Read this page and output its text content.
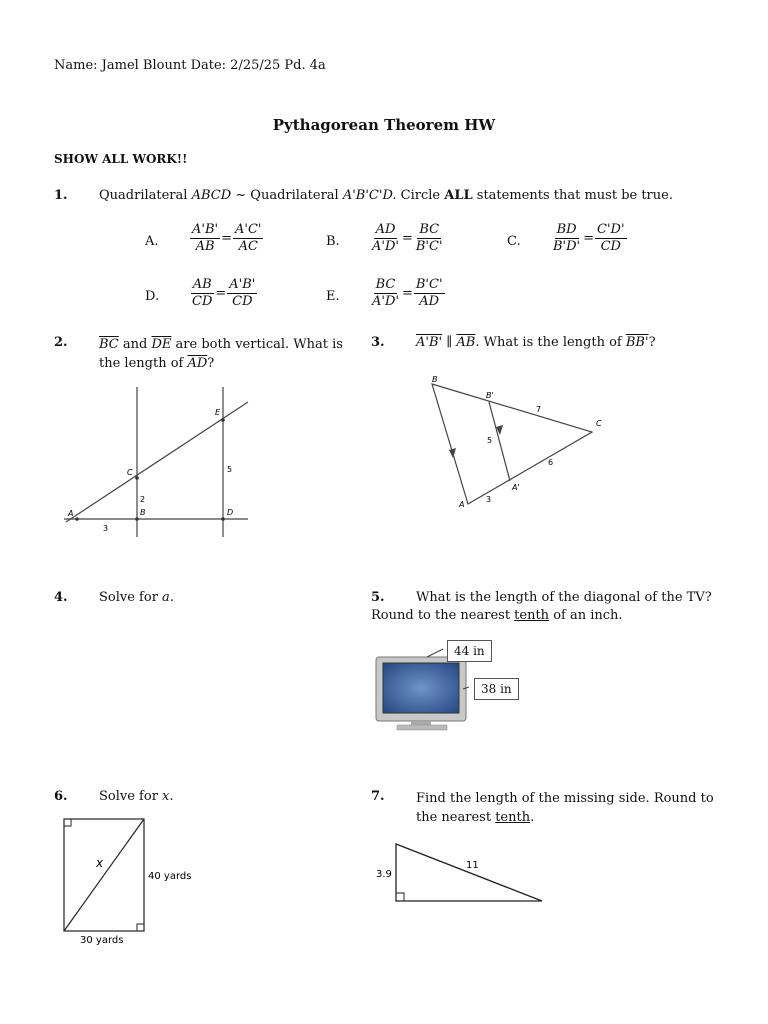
Name: Jamel Blount Date: 2/25/25 Pd. 4a
Pythagorean Theorem HW
SHOW ALL WORK!!
1. Quadrilateral ABCD ~ Quadrilateral A'B'C'D. Circle ALL statements that must be true.
A. $\frac{A'B'}{AB} = \frac{A'C'}{AC}$	B. $\frac{AD}{A'D'} = \frac{BC}{B'C'}$	C. $\frac{BD}{B'D'} = \frac{C'D'}{CD}$
D. $\frac{AB}{CD} = \frac{A'B'}{CD}$	E. $\frac{BC}{A'D'} = \frac{B'C'}{AD}$
2. $\overline{BC}$ and $\overline{DE}$ are both vertical. What is
the length of $\overline{AD}$?
A	B
C
D
E
3
2
5
3. A'B' ∥ $\overline{AB}$. What is the length of BB'?
B
B'
C
A'
A
7
5
6
3
4. Solve for a.	5. What is the length of the diagonal of the TV?
Round to the nearest tenth of an inch.
44 in
38 in
6. Solve for x.
x
40 yards
30 yards
7. Find the length of the missing side. Round to
the nearest tenth.
3.9
11
